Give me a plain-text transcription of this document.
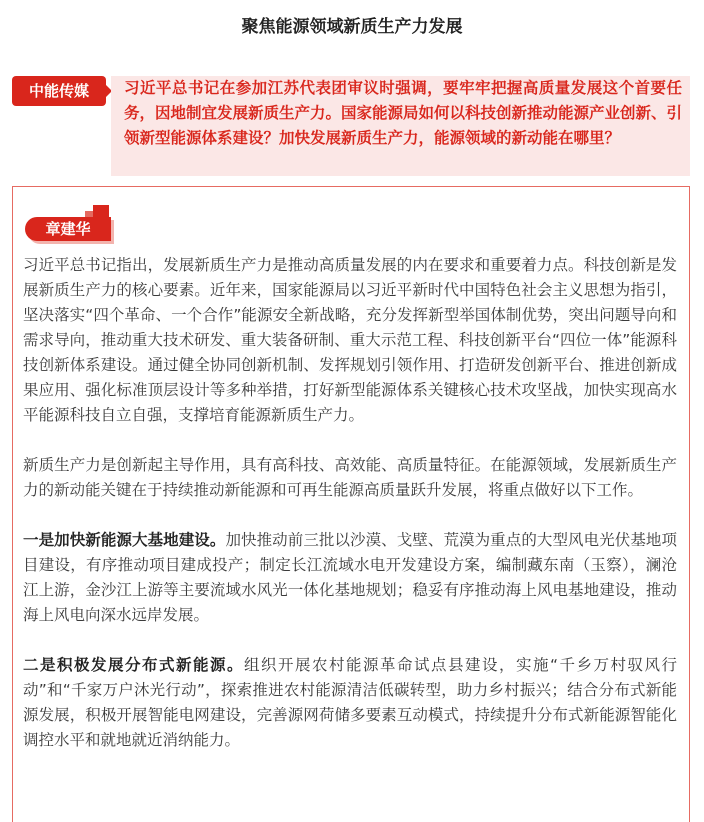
聚焦能源领域新质生产力发展
中能传媒	习近平总书记在参加江苏代表团审议时强调，要牢牢把握高质量发展这个首要任务，因地制宜发展新质生产力。国家能源局如何以科技创新推动能源产业创新、引领新型能源体系建设？加快发展新质生产力，能源领域的新动能在哪里？
章建华

习近平总书记指出，发展新质生产力是推动高质量发展的内在要求和重要着力点。科技创新是发展新质生产力的核心要素。近年来，国家能源局以习近平新时代中国特色社会主义思想为指引，坚决落实“四个革命、一个合作”能源安全新战略，充分发挥新型举国体制优势，突出问题导向和需求导向，推动重大技术研发、重大装备研制、重大示范工程、科技创新平台“四位一体”能源科技创新体系建设。通过健全协同创新机制、发挥规划引领作用、打造研发创新平台、推进创新成果应用、强化标准顶层设计等多种举措，打好新型能源体系关键核心技术攻坚战，加快实现高水平能源科技自立自强，支撑培育能源新质生产力。

新质生产力是创新起主导作用，具有高科技、高效能、高质量特征。在能源领域，发展新质生产力的新动能关键在于持续推动新能源和可再生能源高质量跃升发展，将重点做好以下工作。

一是加快新能源大基地建设。加快推动前三批以沙漠、戈壁、荒漠为重点的大型风电光伏基地项目建设，有序推动项目建成投产；制定长江流域水电开发建设方案，编制藏东南（玉察），澜沧江上游，金沙江上游等主要流域水风光一体化基地规划；稳妥有序推动海上风电基地建设，推动海上风电向深水远岸发展。

二是积极发展分布式新能源。组织开展农村能源革命试点县建设，实施“千乡万村驭风行动”和“千家万户沐光行动”，探索推进农村能源清洁低碳转型，助力乡村振兴；结合分布式新能源发展，积极开展智能电网建设，完善源网荷储多要素互动模式，持续提升分布式新能源智能化调控水平和就地就近消纳能力。
